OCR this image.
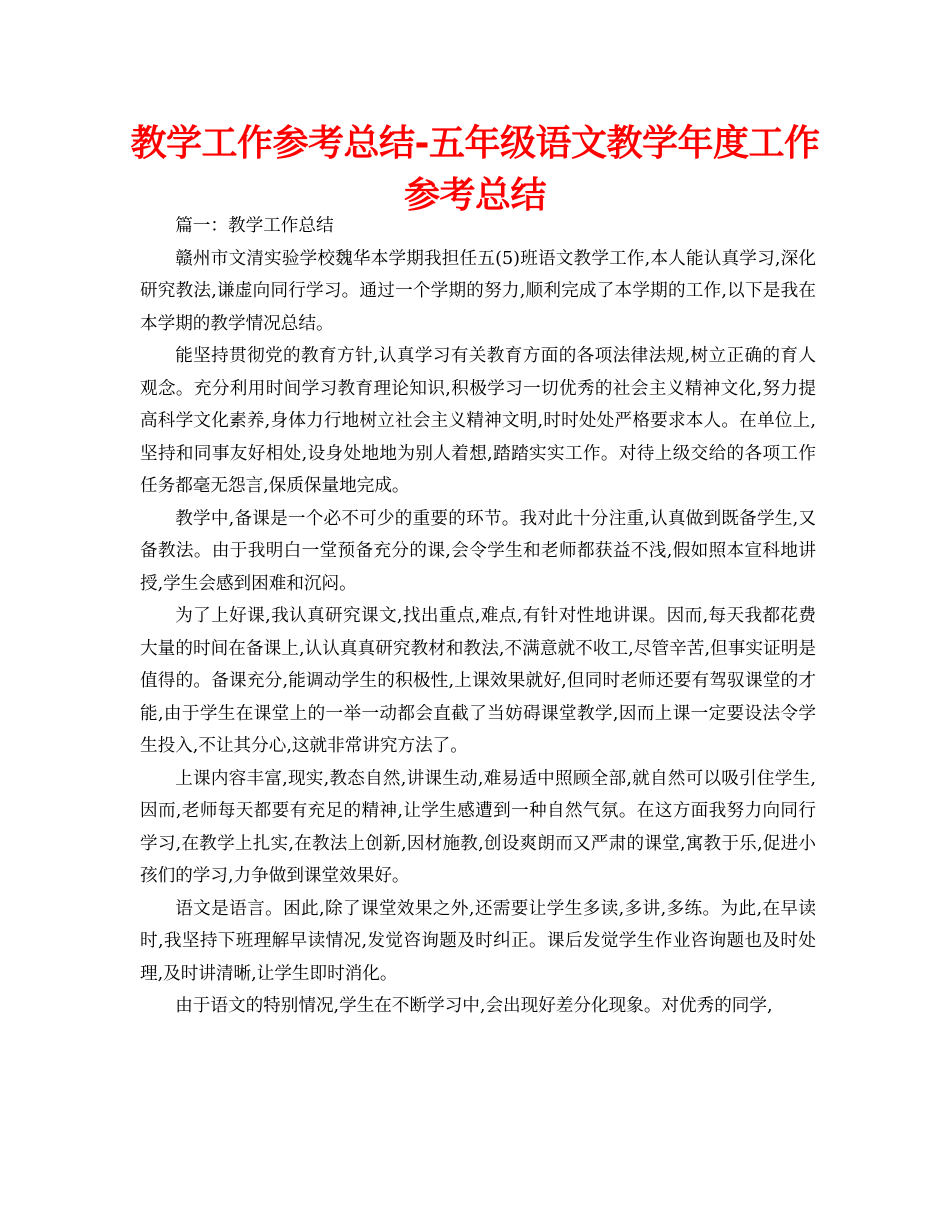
教学工作参考总结-五年级语文教学年度工作参考总结

篇一：教学工作总结

赣州市文清实验学校魏华本学期我担任五(5)班语文教学工作,本人能认真学习,深化研究教法,谦虚向同行学习。通过一个学期的努力,顺利完成了本学期的工作,以下是我在本学期的教学情况总结。

能坚持贯彻党的教育方针,认真学习有关教育方面的各项法律法规,树立正确的育人观念。充分利用时间学习教育理论知识,积极学习一切优秀的社会主义精神文化,努力提高科学文化素养,身体力行地树立社会主义精神文明,时时处处严格要求本人。在单位上,坚持和同事友好相处,设身处地地为别人着想,踏踏实实工作。对待上级交给的各项工作任务都毫无怨言,保质保量地完成。

教学中,备课是一个必不可少的重要的环节。我对此十分注重,认真做到既备学生,又备教法。由于我明白一堂预备充分的课,会令学生和老师都获益不浅,假如照本宣科地讲授,学生会感到困难和沉闷。

为了上好课,我认真研究课文,找出重点,难点,有针对性地讲课。因而,每天我都花费大量的时间在备课上,认认真真研究教材和教法,不满意就不收工,尽管辛苦,但事实证明是值得的。备课充分,能调动学生的积极性,上课效果就好,但同时老师还要有驾驭课堂的才能,由于学生在课堂上的一举一动都会直截了当妨碍课堂教学,因而上课一定要设法令学生投入,不让其分心,这就非常讲究方法了。

上课内容丰富,现实,教态自然,讲课生动,难易适中照顾全部,就自然可以吸引住学生,因而,老师每天都要有充足的精神,让学生感遭到一种自然气氛。在这方面我努力向同行学习,在教学上扎实,在教法上创新,因材施教,创设爽朗而又严肃的课堂,寓教于乐,促进小孩们的学习,力争做到课堂效果好。

语文是语言。困此,除了课堂效果之外,还需要让学生多读,多讲,多练。为此,在早读时,我坚持下班理解早读情况,发觉咨询题及时纠正。课后发觉学生作业咨询题也及时处理,及时讲清晰,让学生即时消化。

由于语文的特别情况,学生在不断学习中,会出现好差分化现象。对优秀的同学,
